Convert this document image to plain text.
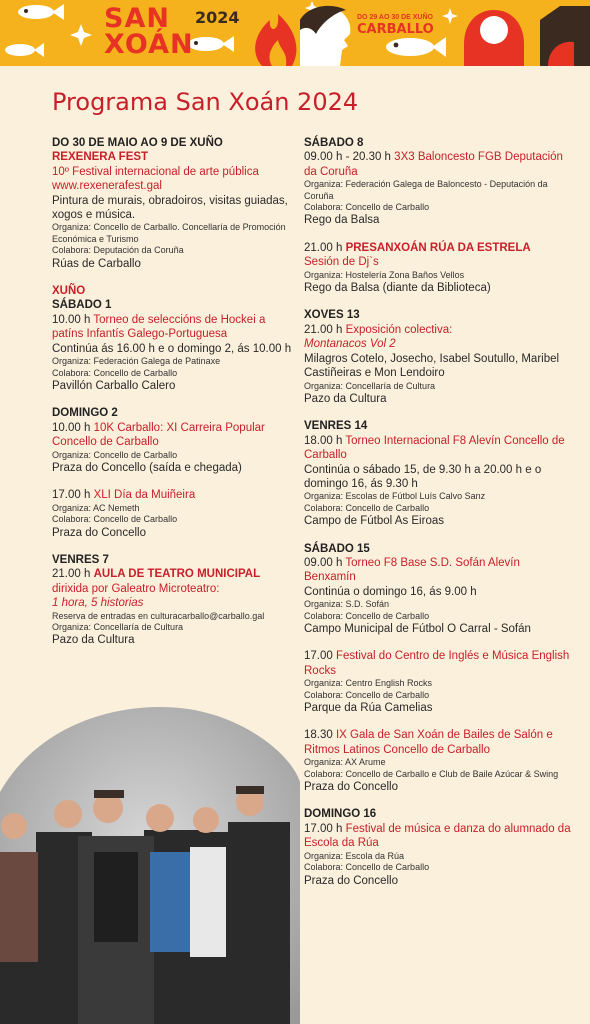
SAN
XOÁN
2024	DO 29 AO 30 DE XUÑO
CARBALLO
Programa San Xoán 2024
DO 30 DE MAIO AO 9 DE XUÑO
REXENERA FEST
10º Festival internacional de arte pública
www.rexenerafest.gal
Pintura de murais, obradoiros, visitas guiadas, xogos e música.
Organiza: Concello de Carballo. Concellaría de Promoción Económica e Turismo
Colabora: Deputación da Coruña
Rúas de Carballo
XUÑO
SÁBADO 1
10.00 h Torneo de seleccións de Hockei a patíns Infantís Galego-Portuguesa
Continúa ás 16.00 h e o domingo 2, ás 10.00 h
Organiza: Federación Galega de Patinaxe
Colabora: Concello de Carballo
Pavillón Carballo Calero
DOMINGO 2
10.00 h 10K Carballo: XI Carreira Popular Concello de Carballo
Organiza: Concello de Carballo
Praza do Concello (saída e chegada)
17.00 h XLI Día da Muiñeira
Organiza: AC Nemeth
Colabora: Concello de Carballo
Praza do Concello
VENRES 7
21.00 h AULA DE TEATRO MUNICIPAL
dirixida por Galeatro Microteatro:
1 hora, 5 historias
Reserva de entradas en culturacarballo@carballo.gal
Organiza: Concellaría de Cultura
Pazo da Cultura
SÁBADO 8
09.00 h - 20.30 h 3X3 Baloncesto FGB Deputación da Coruña
Organiza: Federación Galega de Baloncesto - Deputación da Coruña
Colabora: Concello de Carballo
Rego da Balsa
21.00 h PRESANXOÁN RÚA DA ESTRELA
Sesión de Dj`s
Organiza: Hostelería Zona Baños Vellos
Rego da Balsa (diante da Biblioteca)
XOVES 13
21.00 h Exposición colectiva:
Montanacos Vol 2
Milagros Cotelo, Josecho, Isabel Soutullo, Maribel Castiñeiras e Mon Lendoiro
Organiza: Concellaría de Cultura
Pazo da Cultura
VENRES 14
18.00 h Torneo Internacional F8 Alevín Concello de Carballo
Continúa o sábado 15, de 9.30 h a 20.00 h e o domingo 16, ás 9.30 h
Organiza: Escolas de Fútbol Luís Calvo Sanz
Colabora: Concello de Carballo
Campo de Fútbol As Eiroas
SÁBADO 15
09.00 h Torneo F8 Base S.D. Sofán Alevín Benxamín
Continúa o domingo 16, ás 9.00 h
Organiza: S.D. Sofán
Colabora: Concello de Carballo
Campo Municipal de Fútbol O Carral - Sofán
17.00 Festival do Centro de Inglés e Música English Rocks
Organiza: Centro English Rocks
Colabora: Concello de Carballo
Parque da Rúa Camelias
18.30 IX Gala de San Xoán de Bailes de Salón e Ritmos Latinos Concello de Carballo
Organiza: AX Arume
Colabora: Concello de Carballo e Club de Baile Azúcar & Swing
Praza do Concello
DOMINGO 16
17.00 h Festival de música e danza do alumnado da Escola da Rúa
Organiza: Escola da Rúa
Colabora: Concello de Carballo
Praza do Concello
